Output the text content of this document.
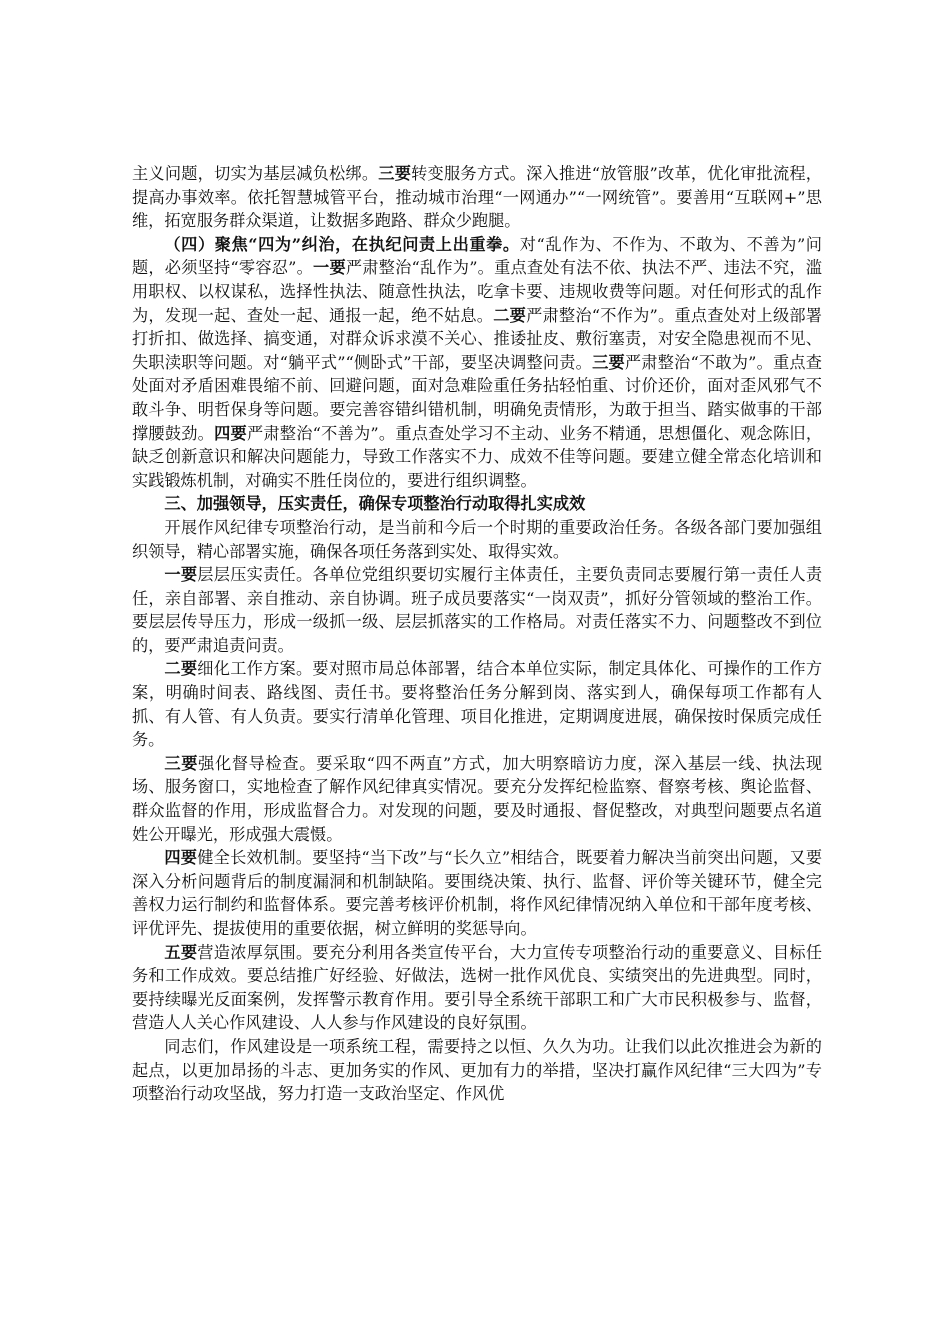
主义问题，切实为基层减负松绑。三要转变服务方式。深入推进“放管服”改革，优化审批流程，提高办事效率。依托智慧城管平台，推动城市治理“一网通办”“一网统管”。要善用“互联网+”思维，拓宽服务群众渠道，让数据多跑路、群众少跑腿。

（四）聚焦“四为”纠治，在执纪问责上出重拳。对“乱作为、不作为、不敢为、不善为”问题，必须坚持“零容忍”。一要严肃整治“乱作为”。重点查处有法不依、执法不严、违法不究，滥用职权、以权谋私，选择性执法、随意性执法，吃拿卡要、违规收费等问题。对任何形式的乱作为，发现一起、查处一起、通报一起，绝不姑息。二要严肃整治“不作为”。重点查处对上级部署打折扣、做选择、搞变通，对群众诉求漠不关心、推诿扯皮、敷衍塞责，对安全隐患视而不见、失职渎职等问题。对“躺平式”“侧卧式”干部，要坚决调整问责。三要严肃整治“不敢为”。重点查处面对矛盾困难畏缩不前、回避问题，面对急难险重任务拈轻怕重、讨价还价，面对歪风邪气不敢斗争、明哲保身等问题。要完善容错纠错机制，明确免责情形，为敢于担当、踏实做事的干部撑腰鼓劲。四要严肃整治“不善为”。重点查处学习不主动、业务不精通，思想僵化、观念陈旧，缺乏创新意识和解决问题能力，导致工作落实不力、成效不佳等问题。要建立健全常态化培训和实践锻炼机制，对确实不胜任岗位的，要进行组织调整。

三、加强领导，压实责任，确保专项整治行动取得扎实成效

开展作风纪律专项整治行动，是当前和今后一个时期的重要政治任务。各级各部门要加强组织领导，精心部署实施，确保各项任务落到实处、取得实效。

一要层层压实责任。各单位党组织要切实履行主体责任，主要负责同志要履行第一责任人责任，亲自部署、亲自推动、亲自协调。班子成员要落实“一岗双责”，抓好分管领域的整治工作。要层层传导压力，形成一级抓一级、层层抓落实的工作格局。对责任落实不力、问题整改不到位的，要严肃追责问责。

二要细化工作方案。要对照市局总体部署，结合本单位实际，制定具体化、可操作的工作方案，明确时间表、路线图、责任书。要将整治任务分解到岗、落实到人，确保每项工作都有人抓、有人管、有人负责。要实行清单化管理、项目化推进，定期调度进展，确保按时保质完成任务。

三要强化督导检查。要采取“四不两直”方式，加大明察暗访力度，深入基层一线、执法现场、服务窗口，实地检查了解作风纪律真实情况。要充分发挥纪检监察、督察考核、舆论监督、群众监督的作用，形成监督合力。对发现的问题，要及时通报、督促整改，对典型问题要点名道姓公开曝光，形成强大震慑。

四要健全长效机制。要坚持“当下改”与“长久立”相结合，既要着力解决当前突出问题，又要深入分析问题背后的制度漏洞和机制缺陷。要围绕决策、执行、监督、评价等关键环节，健全完善权力运行制约和监督体系。要完善考核评价机制，将作风纪律情况纳入单位和干部年度考核、评优评先、提拔使用的重要依据，树立鲜明的奖惩导向。

五要营造浓厚氛围。要充分利用各类宣传平台，大力宣传专项整治行动的重要意义、目标任务和工作成效。要总结推广好经验、好做法，选树一批作风优良、实绩突出的先进典型。同时，要持续曝光反面案例，发挥警示教育作用。要引导全系统干部职工和广大市民积极参与、监督，营造人人关心作风建设、人人参与作风建设的良好氛围。

同志们，作风建设是一项系统工程，需要持之以恒、久久为功。让我们以此次推进会为新的起点，以更加昂扬的斗志、更加务实的作风、更加有力的举措，坚决打赢作风纪律“三大四为”专项整治行动攻坚战，努力打造一支政治坚定、作风优
